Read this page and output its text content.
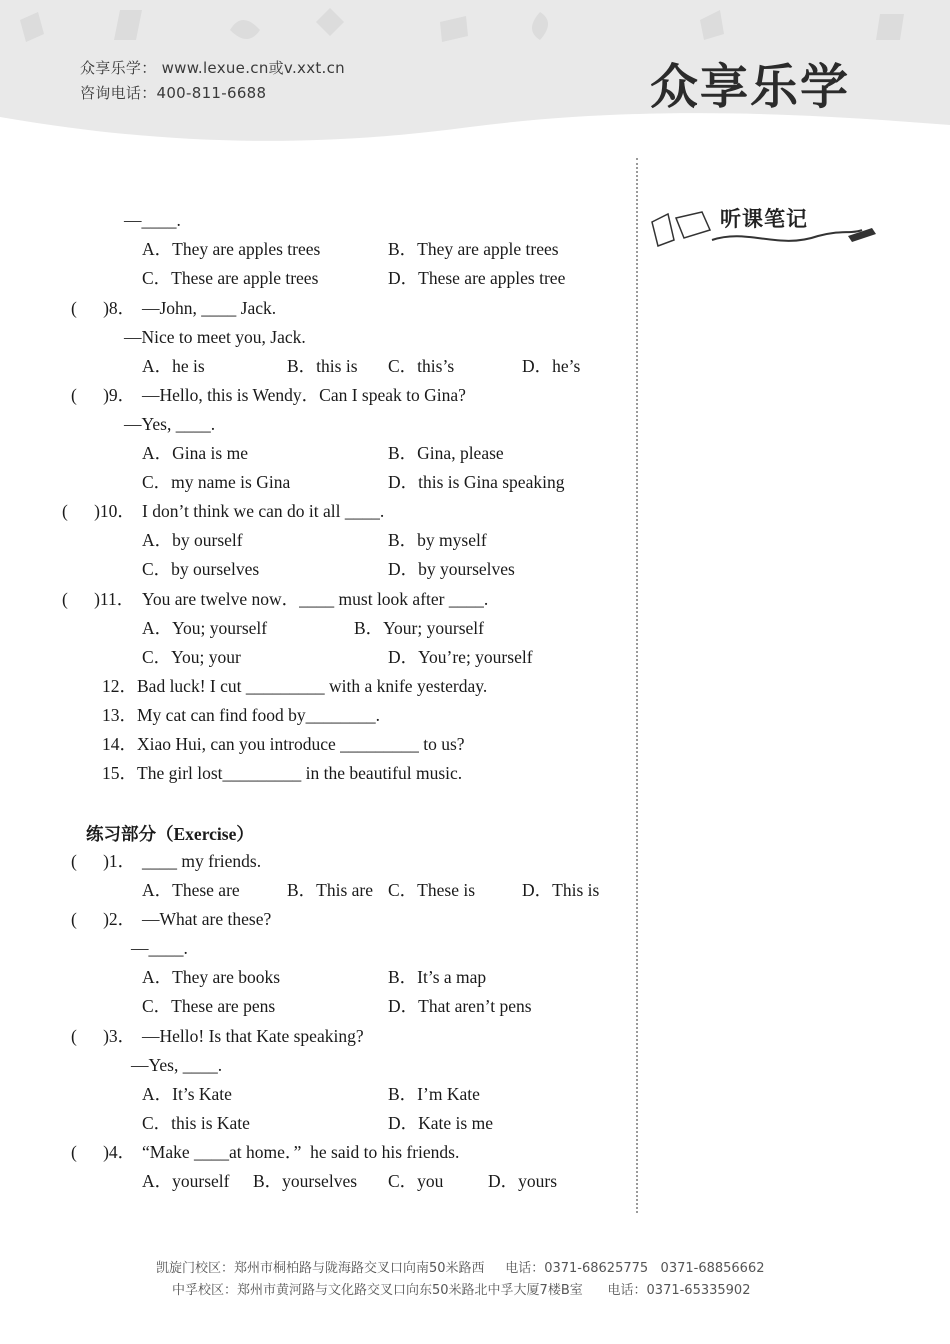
众享乐学： www.lexue.cn或v.xxt.cn
咨询电话：400-811-6688	众享乐学
听课笔记
—____.
A．They are apples trees	B．They are apple trees
C．These are apple trees	D．These are apples tree
(      )8． —John, ____ Jack.
—Nice to meet you, Jack.
A．he is	B．this is C．this’s	D．he’s
(      )9． —Hello, this is Wendy．Can I speak to Gina?
—Yes, ____.
A．Gina is me	B．Gina, please
C．my name is Gina	D．this is Gina speaking
(      )10． I don’t think we can do it all ____.
A．by ourself	B．by myself
C．by ourselves	D．by yourselves
(      )11． You are twelve now．____ must look after ____.
A．You; yourself	B．Your; yourself
C．You; your	D．You’re; yourself
12．Bad luck! I cut _________ with a knife yesterday.
13．My cat can find food by________.
14．Xiao Hui, can you introduce _________ to us?
15．The girl lost_________ in the beautiful music.
练习部分（Exercise）
(      )1． ____ my friends.
A．These are	B．This are C．These is	D．This is
(      )2． —What are these?
—____.
A．They are books	B．It’s a map
C．These are pens	D．That aren’t pens
(      )3． —Hello! Is that Kate speaking?
—Yes, ____.
A．It’s Kate	B．I’m Kate
C．this is Kate	D．Kate is me
(      )4． “Make ____at home．”  he said to his friends.
A．yourself B．yourselves C．you	D．yours
凯旋门校区：郑州市桐柏路与陇海路交叉口向南50米路西     电话：0371-68625775   0371-68856662
中孚校区：郑州市黄河路与文化路交叉口向东50米路北中孚大厦7楼B室      电话：0371-65335902
